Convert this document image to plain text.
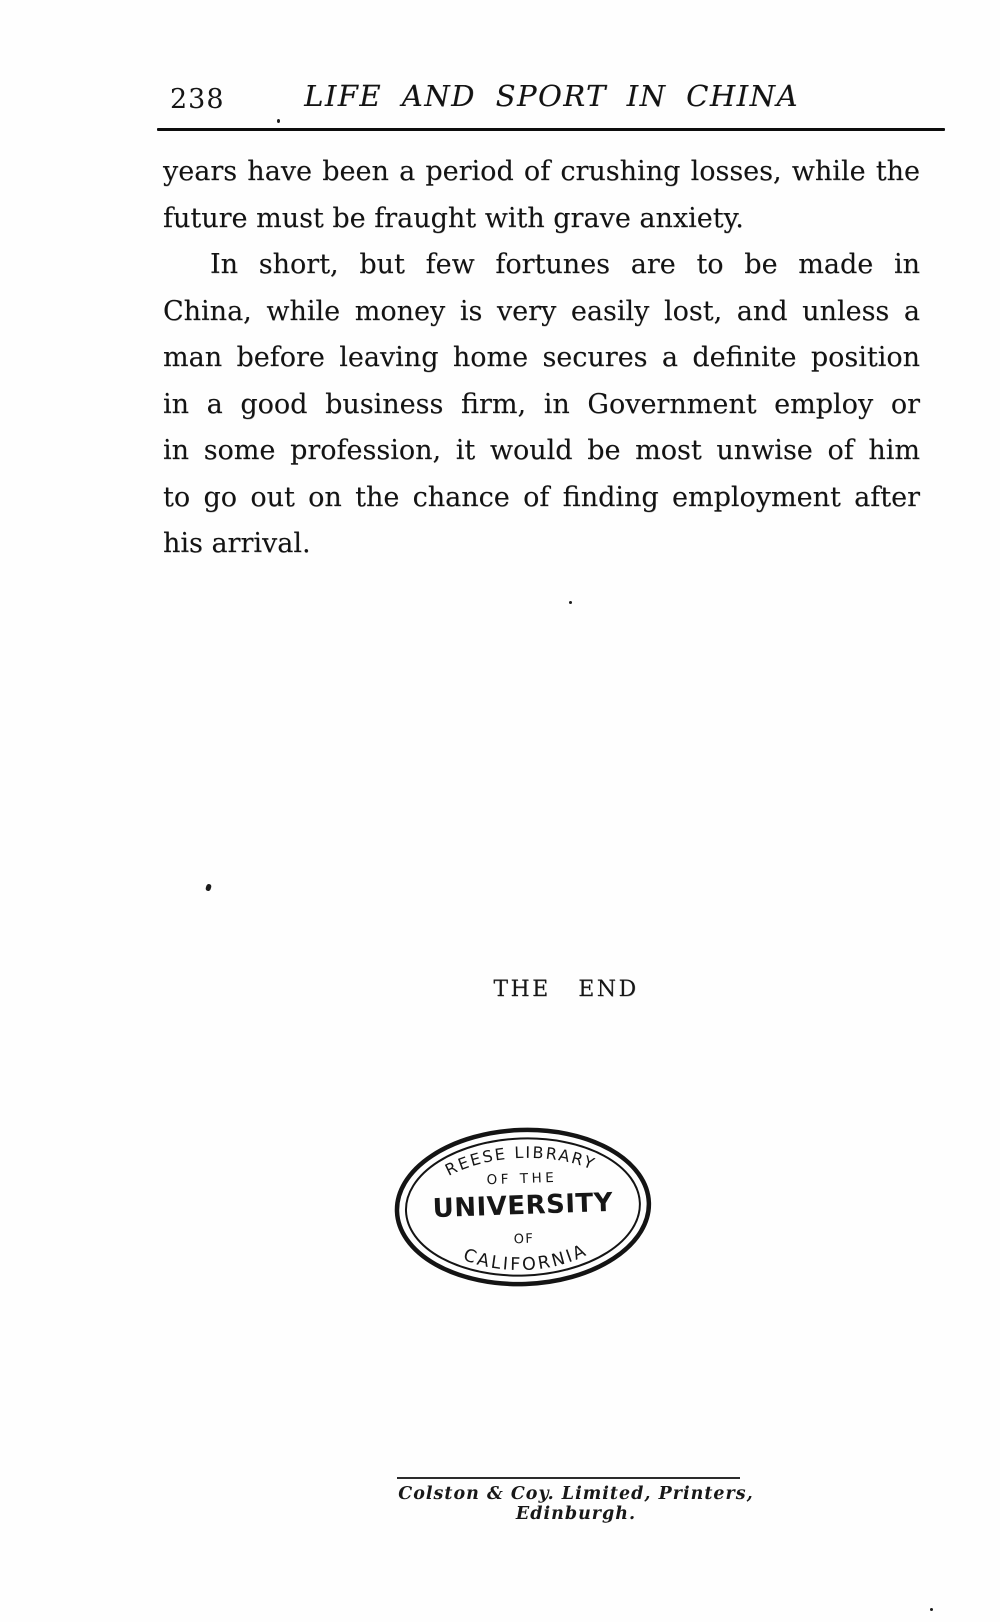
238	LIFE AND SPORT IN CHINA
years have been a period of crushing losses, while the
future must be fraught with grave anxiety.
In short, but few fortunes are to be made in
China, while money is very easily lost, and unless a
man before leaving home secures a definite position
in a good business firm, in Government employ or
in some profession, it would be most unwise of him
to go out on the chance of finding employment after
his arrival.
THE END
REESE LIBRARY
OF THE
UNIVERSITY
OF
CALIFORNIA
Colston & Coy. Limited, Printers, Edinburgh.
